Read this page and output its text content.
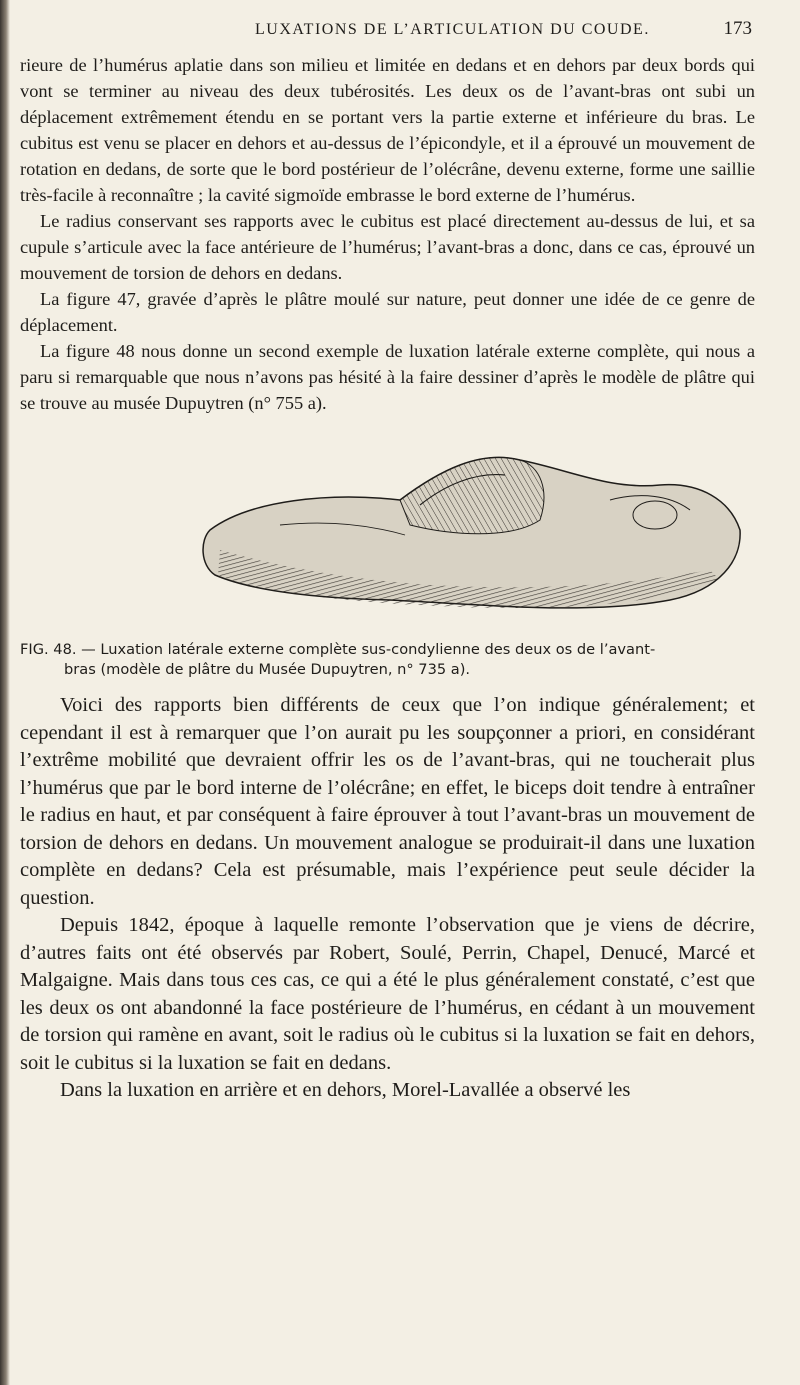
LUXATIONS DE L’ARTICULATION DU COUDE.	173

rieure de l’humérus aplatie dans son milieu et limitée en dedans et en dehors par deux bords qui vont se terminer au niveau des deux tubérosités. Les deux os de l’avant-bras ont subi un déplacement extrêmement étendu en se portant vers la partie externe et inférieure du bras. Le cubitus est venu se placer en dehors et au-dessus de l’épicondyle, et il a éprouvé un mouvement de rotation en dedans, de sorte que le bord postérieur de l’olécrâne, devenu externe, forme une saillie très-facile à reconnaître ; la cavité sigmoïde embrasse le bord externe de l’humérus.

Le radius conservant ses rapports avec le cubitus est placé directement au-dessus de lui, et sa cupule s’articule avec la face antérieure de l’humérus; l’avant-bras a donc, dans ce cas, éprouvé un mouvement de torsion de dehors en dedans.

La figure 47, gravée d’après le plâtre moulé sur nature, peut donner une idée de ce genre de déplacement.

La figure 48 nous donne un second exemple de luxation latérale externe complète, qui nous a paru si remarquable que nous n’avons pas hésité à la faire dessiner d’après le modèle de plâtre qui se trouve au musée Dupuytren (n° 755 a).

FIG. 48. — Luxation latérale externe complète sus-condylienne des deux os de l’avant-
bras (modèle de plâtre du Musée Dupuytren, n° 735 a).

Voici des rapports bien différents de ceux que l’on indique généralement; et cependant il est à remarquer que l’on aurait pu les soupçonner a priori, en considérant l’extrême mobilité que devraient offrir les os de l’avant-bras, qui ne toucherait plus l’humérus que par le bord interne de l’olécrâne; en effet, le biceps doit tendre à entraîner le radius en haut, et par conséquent à faire éprouver à tout l’avant-bras un mouvement de torsion de dehors en dedans. Un mouvement analogue se produirait-il dans une luxation complète en dedans? Cela est présumable, mais l’expérience peut seule décider la question.

Depuis 1842, époque à laquelle remonte l’observation que je viens de décrire, d’autres faits ont été observés par Robert, Soulé, Perrin, Chapel, Denucé, Marcé et Malgaigne. Mais dans tous ces cas, ce qui a été le plus généralement constaté, c’est que les deux os ont abandonné la face postérieure de l’humérus, en cédant à un mouvement de torsion qui ramène en avant, soit le radius où le cubitus si la luxation se fait en dehors, soit le cubitus si la luxation se fait en dedans.

Dans la luxation en arrière et en dehors, Morel-Lavallée a observé les
